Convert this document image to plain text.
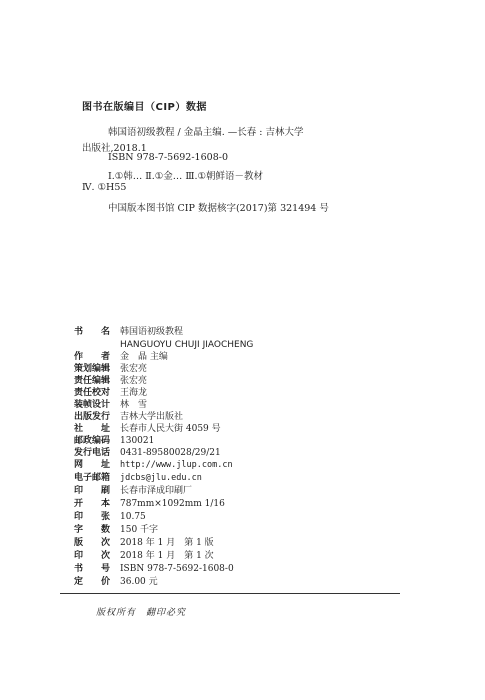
图书在版编目（CIP）数据
韩国语初级教程 / 金晶主编. —长春 : 吉林大学
出版社,2018.1
ISBN 978-7-5692-1608-0
Ⅰ.①韩… Ⅱ.①金… Ⅲ.①朝鲜语－教材
Ⅳ. ①H55
中国版本图书馆 CIP 数据核字(2017)第 321494 号
书　　名 韩国语初级教程
HANGUOYU CHUJI JIAOCHENG
作　　者 金　晶 主编
策划编辑 张宏亮
责任编辑 张宏亮
责任校对 王海龙
装帧设计 林　雪
出版发行 吉林大学出版社
社　　址 长春市人民大街 4059 号
邮政编码 130021
发行电话 0431-89580028/29/21
网　　址 http://www.jlup.com.cn
电子邮箱 jdcbs@jlu.edu.cn
印　　刷 长春市泽成印刷厂
开　　本 787mm×1092mm 1/16
印　　张 10.75
字　　数 150 千字
版　　次 2018 年 1 月　第 1 版
印　　次 2018 年 1 月　第 1 次
书　　号 ISBN 978-7-5692-1608-0
定　　价 36.00 元
版权所有　翻印必究
